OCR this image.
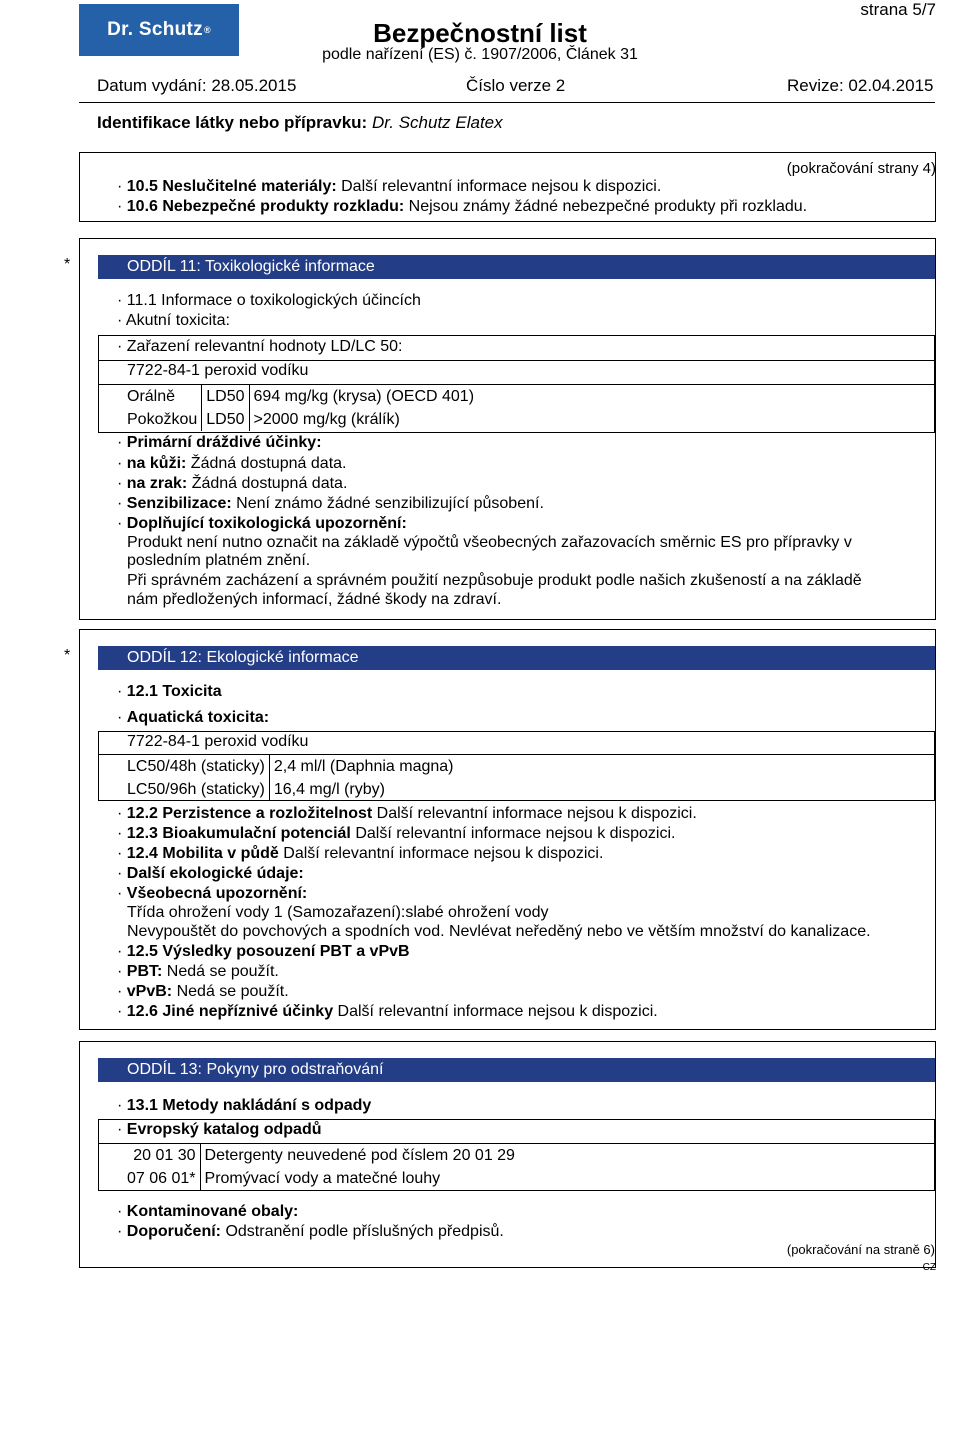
Dr. Schutz ®	Bezpečnostní list
podle nařízení (ES) č. 1907/2006, Článek 31
strana 5/7
Datum vydání: 28.05.2015	Číslo verze 2	Revize: 02.04.2015
Identifikace látky nebo přípravku: Dr. Schutz Elatex
(pokračování strany 4)
· 10.5 Neslučitelné materiály: Další relevantní informace nejsou k dispozici.
· 10.6 Nebezpečné produkty rozkladu: Nejsou známy žádné nebezpečné produkty při rozkladu.
*	ODDÍL 11: Toxikologické informace
· 11.1 Informace o toxikologických účincích
· Akutní toxicita:
· Zařazení relevantní hodnoty LD/LC 50:
7722-84-1 peroxid vodíku
Orálně	LD50	694 mg/kg (krysa) (OECD 401)
Pokožkou	LD50	>2000 mg/kg (králík)
· Primární dráždivé účinky:
· na kůži: Žádná dostupná data.
· na zrak: Žádná dostupná data.
· Senzibilizace: Není známo žádné senzibilizující působení.
· Doplňující toxikologická upozornění:
Produkt není nutno označit na základě výpočtů všeobecných zařazovacích směrnic ES pro přípravky v
posledním platném znění.
Při správném zacházení a správném použití nezpůsobuje produkt podle našich zkušeností a na základě
nám předložených informací, žádné škody na zdraví.
*	ODDÍL 12: Ekologické informace
· 12.1 Toxicita
· Aquatická toxicita:
7722-84-1 peroxid vodíku
LC50/48h (staticky)	2,4 ml/l (Daphnia magna)
LC50/96h (staticky)	16,4 mg/l (ryby)
· 12.2 Perzistence a rozložitelnost Další relevantní informace nejsou k dispozici.
· 12.3 Bioakumulační potenciál Další relevantní informace nejsou k dispozici.
· 12.4 Mobilita v půdě Další relevantní informace nejsou k dispozici.
· Další ekologické údaje:
· Všeobecná upozornění:
Třída ohrožení vody 1 (Samozařazení):slabé ohrožení vody
Nevypouštět do povchových a spodních vod. Nevlévat neředěný nebo ve větším množství do kanalizace.
· 12.5 Výsledky posouzení PBT a vPvB
· PBT: Nedá se použít.
· vPvB: Nedá se použít.
· 12.6 Jiné nepříznivé účinky Další relevantní informace nejsou k dispozici.
ODDÍL 13: Pokyny pro odstraňování
· 13.1 Metody nakládání s odpady
· Evropský katalog odpadů
20 01 30	Detergenty neuvedené pod číslem 20 01 29
07 06 01*	Promývací vody a matečné louhy
· Kontaminované obaly:
· Doporučení: Odstranění podle příslušných předpisů.
(pokračování na straně 6)
CZ
